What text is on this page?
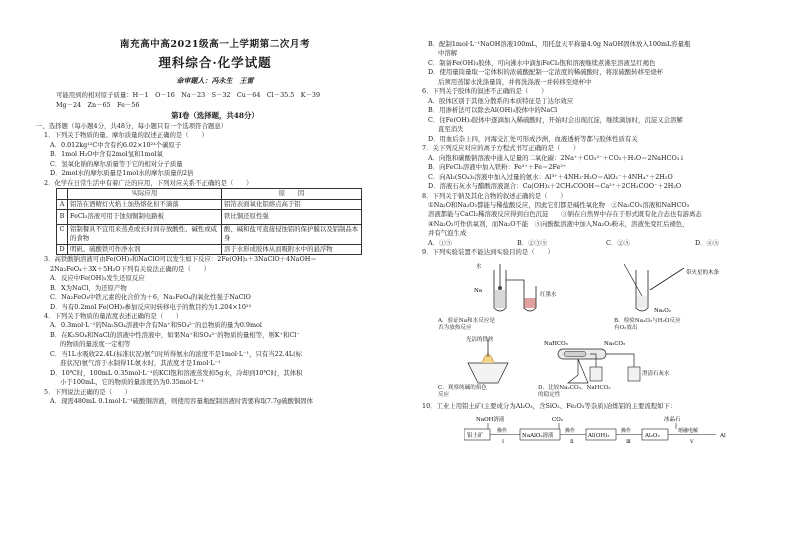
南充高中高2021级高一上学期第二次月考
理科综合·化学试题
命审题人：冯永生　王雷
可能用到的相对原子质量：H－1　O－16　Na－23　S－32　Cu－64　Cl－35.5　K－39
Mg－24　Zn－65　Fe－56
第Ⅰ卷（选择题，共48分）
一、选择题（每小题4分，共48分，每小题只有一个选项符合题意）
1．下列关于物质的量、摩尔质量的叙述正确的是（　　）
A．0.012kg¹²C中含有约6.02×10²³个碳原子
B．1mol H₂O中含有2mol氢和1mol氧
C．氢氧化钠的摩尔质量等于它的相对分子质量
D．2mol水的摩尔质量是1mol水的摩尔质量的2倍
2．化学在日常生活中有着广泛的应用，下列对应关系不正确的是（　　）
	实际应用	原　　因
A	铝箔在酒精灯火焰上加热熔化但不滴落	铝箔表面氧化铝熔点高于铝
B	FeCl₃溶液可用于蚀刻铜制电路板	铁比铜还原性强
C	铝制餐具不宜用来蒸煮或长时间存放酸性、碱性或咸的食物	酸、碱和盐可直接侵蚀铝的保护膜以及铝制品本身
D	明矾、硫酸铁可作净水剂	溶于水形成胶体从而吸附水中的悬浮物
3．高铁酸钠溶液可由Fe(OH)₃和NaClO可以发生如下反应：2Fe(OH)₃＋3NaClO＋4NaOH＝
2Na₂FeO₄＋3X＋5H₂O下列有关说法正确的是（　　）
A．反应中Fe(OH)₃发生还原反应
B．X为NaCl，为还原产物
C．Na₂FeO₄中铁元素的化合价为＋6，Na₂FeO₄的氧化性强于NaClO
D．当有0.2mol Fe(OH)₃参加反应时转移电子的数目约为1.204×10²³
4．下列关于物质的量浓度表述正确的是（　　）
A．0.3mol·L⁻¹的Na₂SO₄溶液中含有Na⁺和SO₄²⁻的总物质的量为0.9mol
B．在K₂SO₄和NaCl的溶液中性溶液中，如果Na⁺和SO₄²⁻的物质的量相等，则K⁺和Cl⁻
的物质的量浓度一定相等
C．当1L水吸收22.4L(标准状况)氨气时所得氨水的浓度不是1mol·L⁻¹，只有当22.4L(标
准状况)氨气溶于水制得1L氨水时，其浓度才是1mol·L⁻¹
D．10℃时，100mL 0.35mol·L⁻¹的KCl饱和溶液蒸发掉5g水，冷却到10℃时，其体积
小于100mL，它的物质的量浓度仍为0.35mol·L⁻¹
5．下列说法正确的是（　　）
A．现需480mL 0.1mol·L⁻¹硫酸铜溶液，则使用容量瓶配制溶液时需要称取7.7g硫酸铜固体
B．配制1mol·L⁻¹NaOH溶液100mL，用托盘天平称量4.0g NaOH固体放入100mL容量瓶
中溶解
C．制备Fe(OH)₃胶体，可向沸水中滴加FeCl₃饱和溶液继续煮沸至溶液呈红褐色
D．使用量筒量取一定体积的浓硫酸配制一定浓度的稀硫酸时，将浓硫酸转移至烧杯
后须用蒸馏水洗涤量筒，并将洗涤液一并转移至烧杯中
6．下列关于胶体的叙述不正确的是（　　）
A．胶体区别于其他分散系的本质特征是丁达尔效应
B．用渗析法可以除去Al(OH)₃胶体中的NaCl
C．往Fe(OH)₃胶体中逐滴加入稀硫酸时，开始时会出现沉淀，继续滴加时，沉淀又会溶解
直至消失
D．用血后杂上四，河海交汇处可形成沙洲，血液透析等都与胶体性质有关
7．关下列反应对应的离子方程式书写正确的是（　　）
A．向饱和碳酸钠溶液中通入足量的二氧化碳：2Na⁺＋CO₃²⁻＋CO₂＋H₂O＝2NaHCO₃↓
B．向FeCl₂溶液中加入铁粉：Fe³⁺＋Fe＝2Fe²⁺
C．向Al₂(SO₄)₃溶液中加入过量的氨水：Al³⁺＋4NH₃·H₂O＝AlO₂⁻＋4NH₄⁺＋2H₂O
D．溶液石灰水与醋酸溶液混合：Ca(OH)₂＋2CH₃COOH＝Ca²⁺＋2CH₃COO⁻＋2H₂O
8．下列关于钠及其化合物的叙述正确的是（　　）
①Na₂O和Na₂O₂都能与稀盐酸反应，因此它们都是碱性氧化物　②Na₂CO₃溶液和NaHCO₃
溶液都能与CaCl₂稀溶液反应得到白色沉淀　　③钠在自然界中存在于形式既有化合态也有游离态
④Na₂O₂可作供氧剂，而Na₂O不能　⑤向酚酞溶液中加入Na₂O₂粉末，溶液先变红后褪色，
并有气泡生成
A．①⑤	B．②③⑤	C．②⑤	D．④⑤
9．下列实验装置不能达到实验目的是（　　）
水
Na
红墨水
带火星的木条
Na₂O₂
A．验证Na和水反应是
否为放热反应
B．检验Na₂O₂与H₂O反应
有O₂放出
光洁的铁丝
NaHCO₃	Na₂CO₃
澄清石灰水
C．观察纯碱的焰色
反应
D．比较Na₂CO₃、NaHCO₃
的稳定性
10．工业上用铝土矿(主要成分为Al₂O₃，含SiO₂、Fe₂O₃等杂质)冶炼铝的主要流程如下：
NaOH溶液	CO₂	冰晶石
铝土矿
操作
Ⅰ
NaAlO₂溶液
操作
Ⅱ
Al(OH)₃
操作
Ⅲ
Al₂O₃
熔融电解
Ⅴ
Al
